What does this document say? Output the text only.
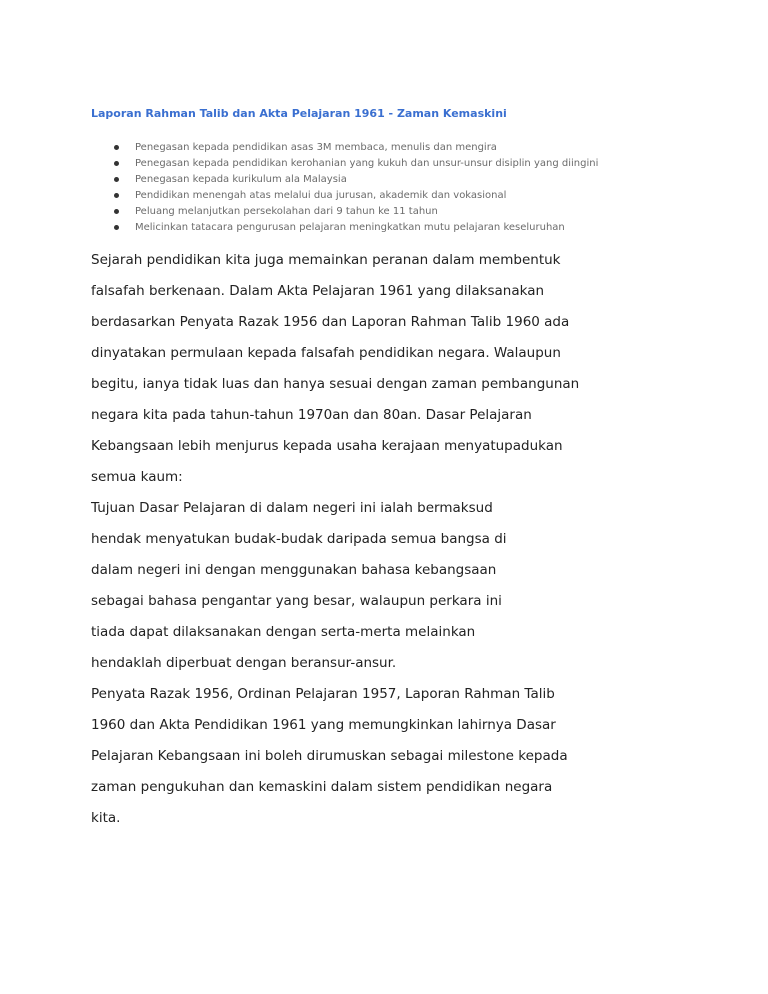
Laporan Rahman Talib dan Akta Pelajaran 1961 - Zaman Kemaskini
Penegasan kepada pendidikan asas 3M membaca, menulis dan mengira
Penegasan kepada pendidikan kerohanian yang kukuh dan unsur-unsur disiplin yang diingini
Penegasan kepada kurikulum ala Malaysia
Pendidikan menengah atas melalui dua jurusan, akademik dan vokasional
Peluang melanjutkan persekolahan dari 9 tahun ke 11 tahun
Melicinkan tatacara pengurusan pelajaran meningkatkan mutu pelajaran keseluruhan
Sejarah pendidikan kita juga memainkan peranan dalam membentuk
falsafah berkenaan. Dalam Akta Pelajaran 1961 yang dilaksanakan
berdasarkan Penyata Razak 1956 dan Laporan Rahman Talib 1960 ada
dinyatakan permulaan kepada falsafah pendidikan negara. Walaupun
begitu, ianya tidak luas dan hanya sesuai dengan zaman pembangunan
negara kita pada tahun-tahun 1970an dan 80an. Dasar Pelajaran
Kebangsaan lebih menjurus kepada usaha kerajaan menyatupadukan
semua kaum:
Tujuan Dasar Pelajaran di dalam negeri ini ialah bermaksud
hendak menyatukan budak-budak daripada semua bangsa di
dalam negeri ini dengan menggunakan bahasa kebangsaan
sebagai bahasa pengantar yang besar, walaupun perkara ini
tiada dapat dilaksanakan dengan serta-merta melainkan
hendaklah diperbuat dengan beransur-ansur.
Penyata Razak 1956, Ordinan Pelajaran 1957, Laporan Rahman Talib
1960 dan Akta Pendidikan 1961 yang memungkinkan lahirnya Dasar
Pelajaran Kebangsaan ini boleh dirumuskan sebagai milestone kepada
zaman pengukuhan dan kemaskini dalam sistem pendidikan negara
kita.
